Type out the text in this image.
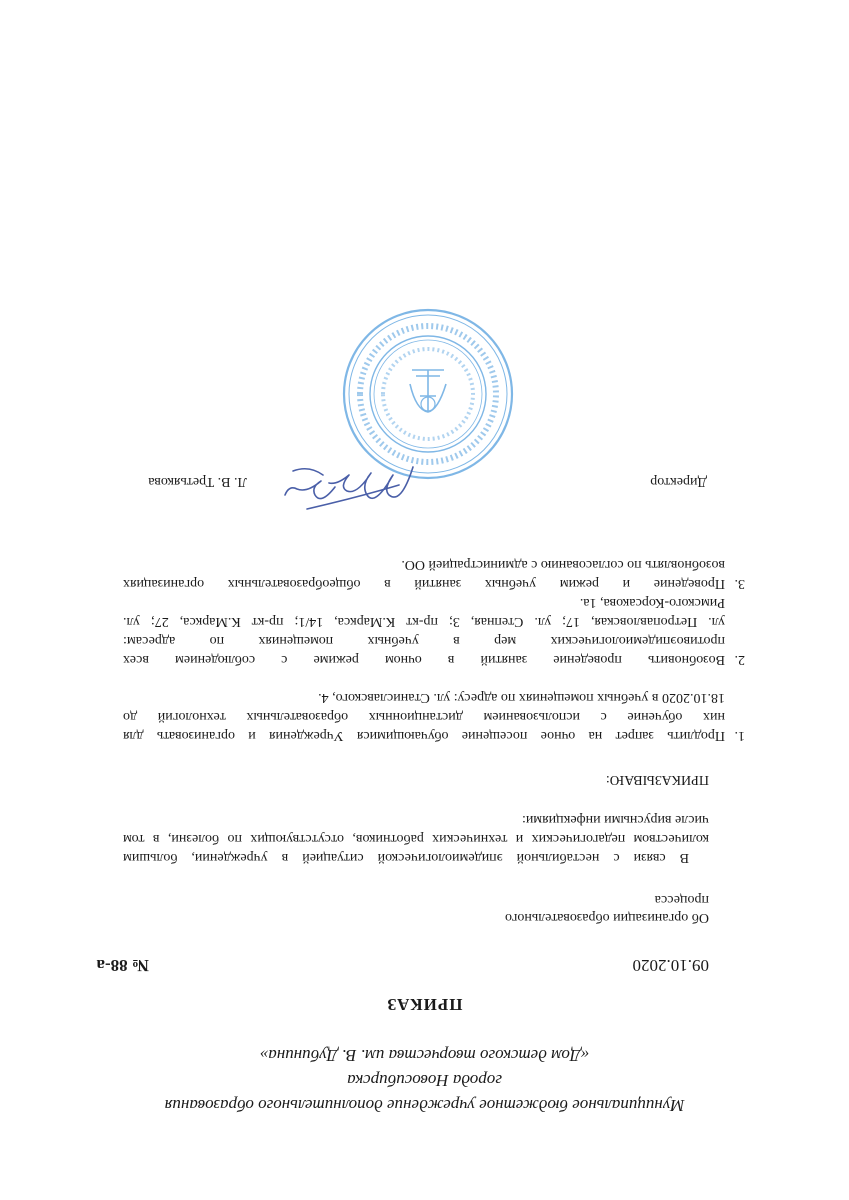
Муниципальное бюджетное учреждение дополнительного образования
города Новосибирска
«Дом детского творчества им. В. Дубинина»
ПРИКАЗ
09.10.2020
№ 88-а
Об организации образовательного
процесса
В связи с нестабильной эпидемиологической ситуацией в учреждении, большим
количеством педагогических и технических работников, отсутствующих по болезни, в том
числе вирусными инфекциями:
ПРИКАЗЫВАЮ:
1.
Продлить запрет на очное посещение обучающимися Учреждения и организовать для
них обучение с использованием дистанционных образовательных технологий до
18.10.2020 в учебных помещениях по адресу: ул. Станиславского, 4.
2.
Возобновить проведение занятий в очном режиме с соблюдением всех
противоэпидемиологических мер в учебных помещениях по адресам:
ул. Петропавловская, 17; ул. Степная, 3; пр-кт К.Маркса, 14/1; пр-кт К.Маркса, 27; ул.
Римского-Корсакова, 1а.
3.
Проведение и режим учебных занятий в общеобразовательных организациях
возобновлять по согласованию с администрацией ОО.
Директор
Л. В. Третьякова
